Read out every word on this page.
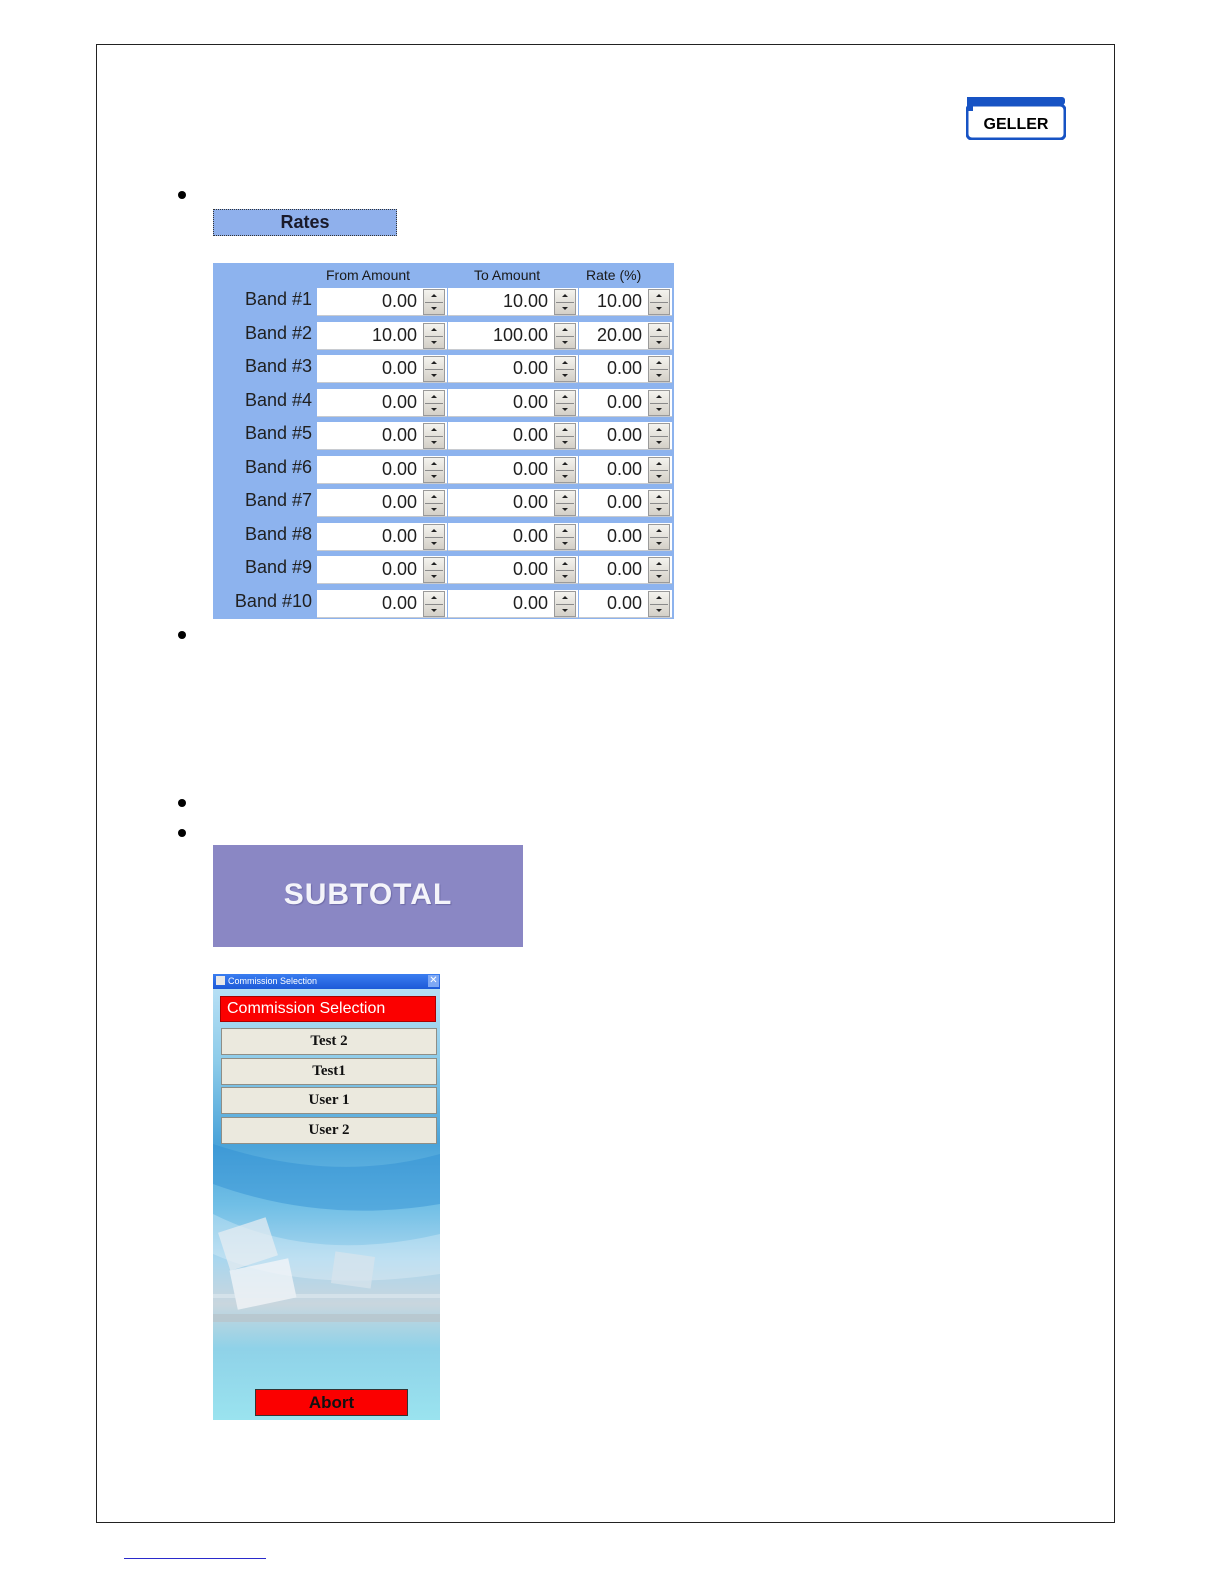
GELLER
Rates
From Amount	To Amount	Rate (%)
Band #1	0.00	10.00	10.00
Band #2	10.00	100.00	20.00
Band #3	0.00	0.00	0.00
Band #4	0.00	0.00	0.00
Band #5	0.00	0.00	0.00
Band #6	0.00	0.00	0.00
Band #7	0.00	0.00	0.00
Band #8	0.00	0.00	0.00
Band #9	0.00	0.00	0.00
Band #10	0.00	0.00	0.00
SUBTOTAL
Commission Selection	✕
Commission Selection
Test 2
Test1
User 1
User 2
Abort
